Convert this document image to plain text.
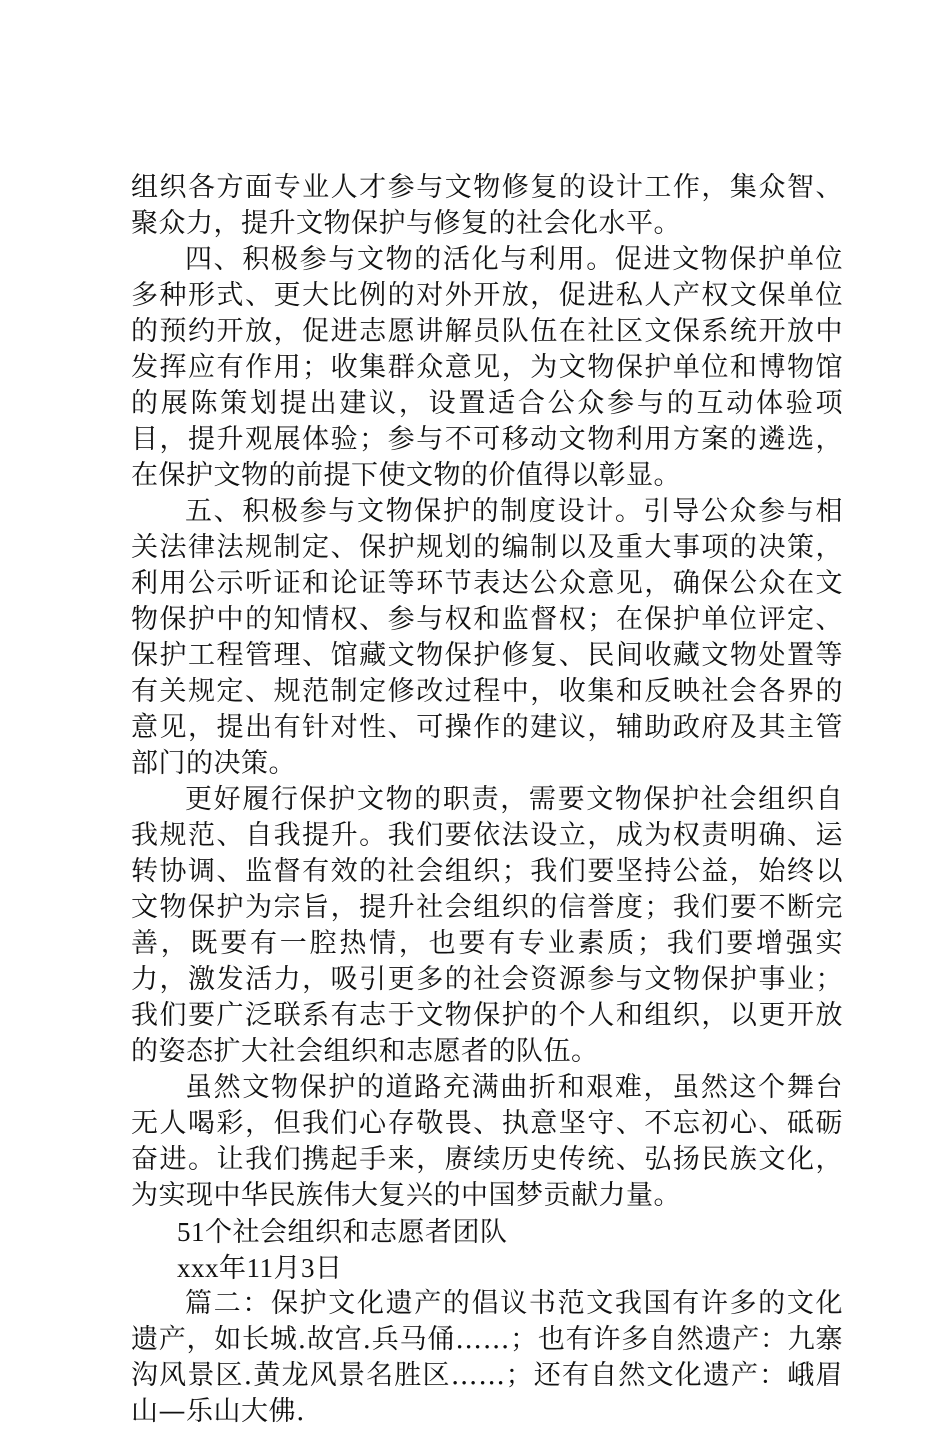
组织各方面专业人才参与文物修复的设计工作，集众智、聚众力，提升文物保护与修复的社会化水平。

四、积极参与文物的活化与利用。促进文物保护单位多种形式、更大比例的对外开放，促进私人产权文保单位的预约开放，促进志愿讲解员队伍在社区文保系统开放中发挥应有作用；收集群众意见，为文物保护单位和博物馆的展陈策划提出建议，设置适合公众参与的互动体验项目，提升观展体验；参与不可移动文物利用方案的遴选，在保护文物的前提下使文物的价值得以彰显。

五、积极参与文物保护的制度设计。引导公众参与相关法律法规制定、保护规划的编制以及重大事项的决策，利用公示听证和论证等环节表达公众意见，确保公众在文物保护中的知情权、参与权和监督权；在保护单位评定、保护工程管理、馆藏文物保护修复、民间收藏文物处置等有关规定、规范制定修改过程中，收集和反映社会各界的意见，提出有针对性、可操作的建议，辅助政府及其主管部门的决策。

更好履行保护文物的职责，需要文物保护社会组织自我规范、自我提升。我们要依法设立，成为权责明确、运转协调、监督有效的社会组织；我们要坚持公益，始终以文物保护为宗旨，提升社会组织的信誉度；我们要不断完善，既要有一腔热情，也要有专业素质；我们要增强实力，激发活力，吸引更多的社会资源参与文物保护事业；我们要广泛联系有志于文物保护的个人和组织，以更开放的姿态扩大社会组织和志愿者的队伍。

虽然文物保护的道路充满曲折和艰难，虽然这个舞台无人喝彩，但我们心存敬畏、执意坚守、不忘初心、砥砺奋进。让我们携起手来，赓续历史传统、弘扬民族文化，为实现中华民族伟大复兴的中国梦贡献力量。

51个社会组织和志愿者团队

xxx年11月3日

篇二：保护文化遗产的倡议书范文我国有许多的文化遗产，如长城.故宫.兵马俑……；也有许多自然遗产：九寨沟风景区.黄龙风景名胜区……；还有自然文化遗产：峨眉山—乐山大佛.
